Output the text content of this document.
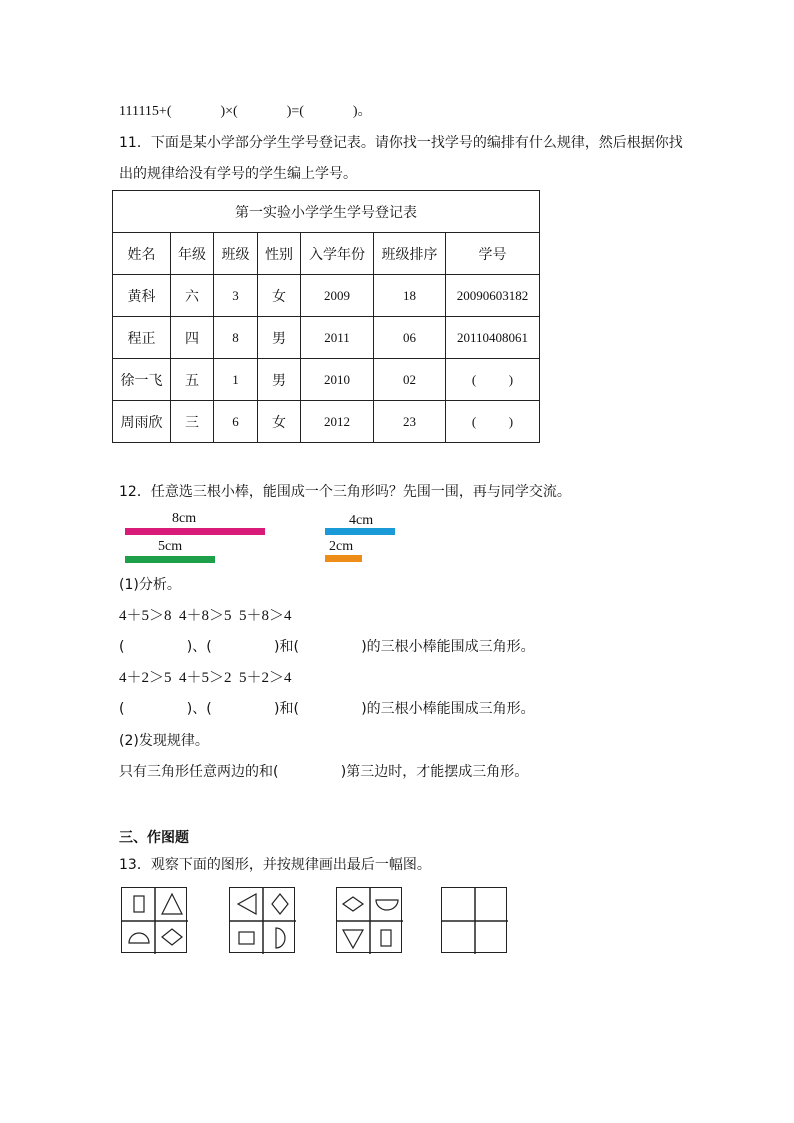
111115+(              )×(              )=(              )。
11．下面是某小学部分学生学号登记表。请你找一找学号的编排有什么规律，然后根据你找
出的规律给没有学号的学生编上学号。
第一实验小学学生学号登记表						
姓名	年级	班级	性别	入学年份	班级排序	学号
黄科	六	3	女	2009	18	20090603182
程正	四	8	男	2011	06	20110408061
徐一飞	五	1	男	2010	02	(          )
周雨欣	三	6	女	2012	23	(          )
12．任意选三根小棒，能围成一个三角形吗？先围一围，再与同学交流。
8cm
5cm
4cm
2cm
(1)分析。
4＋5＞8  4＋8＞5  5＋8＞4
(              )、(              )和(              )的三根小棒能围成三角形。
4＋2＞5  4＋5＞2  5＋2＞4
(              )、(              )和(              )的三根小棒能围成三角形。
(2)发现规律。
只有三角形任意两边的和(              )第三边时，才能摆成三角形。
三、作图题
13．观察下面的图形，并按规律画出最后一幅图。
